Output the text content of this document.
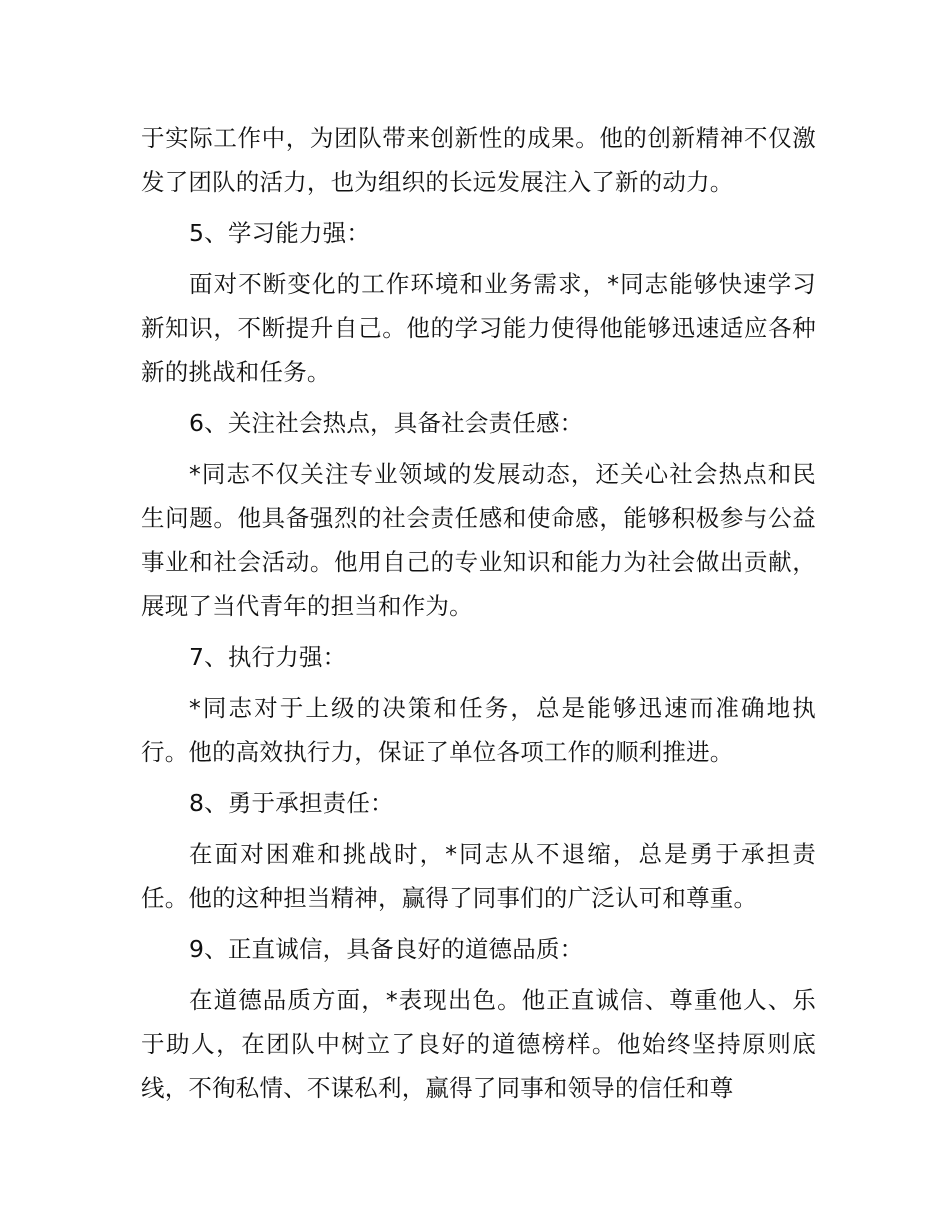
于实际工作中，为团队带来创新性的成果。他的创新精神不仅激发了团队的活力，也为组织的长远发展注入了新的动力。

5、学习能力强：

面对不断变化的工作环境和业务需求，*同志能够快速学习新知识，不断提升自己。他的学习能力使得他能够迅速适应各种新的挑战和任务。

6、关注社会热点，具备社会责任感：

*同志不仅关注专业领域的发展动态，还关心社会热点和民生问题。他具备强烈的社会责任感和使命感，能够积极参与公益事业和社会活动。他用自己的专业知识和能力为社会做出贡献，展现了当代青年的担当和作为。

7、执行力强：

*同志对于上级的决策和任务，总是能够迅速而准确地执行。他的高效执行力，保证了单位各项工作的顺利推进。

8、勇于承担责任：

在面对困难和挑战时，*同志从不退缩，总是勇于承担责任。他的这种担当精神，赢得了同事们的广泛认可和尊重。

9、正直诚信，具备良好的道德品质：

在道德品质方面，*表现出色。他正直诚信、尊重他人、乐于助人，在团队中树立了良好的道德榜样。他始终坚持原则底线，不徇私情、不谋私利，赢得了同事和领导的信任和尊
